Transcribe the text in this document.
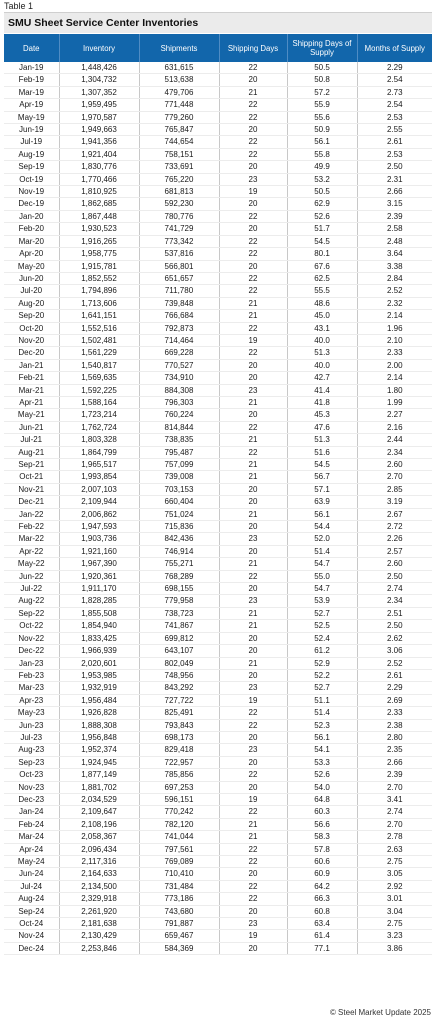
Table 1
SMU Sheet Service Center Inventories
Date	Inventory	Shipments	Shipping Days	Shipping Days of Supply	Months of Supply
Jan-19	1,448,426	631,615	22	50.5	2.29
Feb-19	1,304,732	513,638	20	50.8	2.54
Mar-19	1,307,352	479,706	21	57.2	2.73
Apr-19	1,959,495	771,448	22	55.9	2.54
May-19	1,970,587	779,260	22	55.6	2.53
Jun-19	1,949,663	765,847	20	50.9	2.55
Jul-19	1,941,356	744,654	22	56.1	2.61
Aug-19	1,921,404	758,151	22	55.8	2.53
Sep-19	1,830,776	733,691	20	49.9	2.50
Oct-19	1,770,466	765,220	23	53.2	2.31
Nov-19	1,810,925	681,813	19	50.5	2.66
Dec-19	1,862,685	592,230	20	62.9	3.15
Jan-20	1,867,448	780,776	22	52.6	2.39
Feb-20	1,930,523	741,729	20	51.7	2.58
Mar-20	1,916,265	773,342	22	54.5	2.48
Apr-20	1,958,775	537,816	22	80.1	3.64
May-20	1,915,781	566,801	20	67.6	3.38
Jun-20	1,852,552	651,657	22	62.5	2.84
Jul-20	1,794,896	711,780	22	55.5	2.52
Aug-20	1,713,606	739,848	21	48.6	2.32
Sep-20	1,641,151	766,684	21	45.0	2.14
Oct-20	1,552,516	792,873	22	43.1	1.96
Nov-20	1,502,481	714,464	19	40.0	2.10
Dec-20	1,561,229	669,228	22	51.3	2.33
Jan-21	1,540,817	770,527	20	40.0	2.00
Feb-21	1,569,635	734,910	20	42.7	2.14
Mar-21	1,592,225	884,308	23	41.4	1.80
Apr-21	1,588,164	796,303	21	41.8	1.99
May-21	1,723,214	760,224	20	45.3	2.27
Jun-21	1,762,724	814,844	22	47.6	2.16
Jul-21	1,803,328	738,835	21	51.3	2.44
Aug-21	1,864,799	795,487	22	51.6	2.34
Sep-21	1,965,517	757,099	21	54.5	2.60
Oct-21	1,993,854	739,008	21	56.7	2.70
Nov-21	2,007,103	703,153	20	57.1	2.85
Dec-21	2,109,944	660,404	20	63.9	3.19
Jan-22	2,006,862	751,024	21	56.1	2.67
Feb-22	1,947,593	715,836	20	54.4	2.72
Mar-22	1,903,736	842,436	23	52.0	2.26
Apr-22	1,921,160	746,914	20	51.4	2.57
May-22	1,967,390	755,271	21	54.7	2.60
Jun-22	1,920,361	768,289	22	55.0	2.50
Jul-22	1,911,170	698,155	20	54.7	2.74
Aug-22	1,828,285	779,958	23	53.9	2.34
Sep-22	1,855,508	738,723	21	52.7	2.51
Oct-22	1,854,940	741,867	21	52.5	2.50
Nov-22	1,833,425	699,812	20	52.4	2.62
Dec-22	1,966,939	643,107	20	61.2	3.06
Jan-23	2,020,601	802,049	21	52.9	2.52
Feb-23	1,953,985	748,956	20	52.2	2.61
Mar-23	1,932,919	843,292	23	52.7	2.29
Apr-23	1,956,484	727,722	19	51.1	2.69
May-23	1,926,828	825,491	22	51.4	2.33
Jun-23	1,888,308	793,843	22	52.3	2.38
Jul-23	1,956,848	698,173	20	56.1	2.80
Aug-23	1,952,374	829,418	23	54.1	2.35
Sep-23	1,924,945	722,957	20	53.3	2.66
Oct-23	1,877,149	785,856	22	52.6	2.39
Nov-23	1,881,702	697,253	20	54.0	2.70
Dec-23	2,034,529	596,151	19	64.8	3.41
Jan-24	2,109,647	770,242	22	60.3	2.74
Feb-24	2,108,196	782,120	21	56.6	2.70
Mar-24	2,058,367	741,044	21	58.3	2.78
Apr-24	2,096,434	797,561	22	57.8	2.63
May-24	2,117,316	769,089	22	60.6	2.75
Jun-24	2,164,633	710,410	20	60.9	3.05
Jul-24	2,134,500	731,484	22	64.2	2.92
Aug-24	2,329,918	773,186	22	66.3	3.01
Sep-24	2,261,920	743,680	20	60.8	3.04
Oct-24	2,181,638	791,887	23	63.4	2.75
Nov-24	2,130,429	659,467	19	61.4	3.23
Dec-24	2,253,846	584,369	20	77.1	3.86
© Steel Market Update 2025
